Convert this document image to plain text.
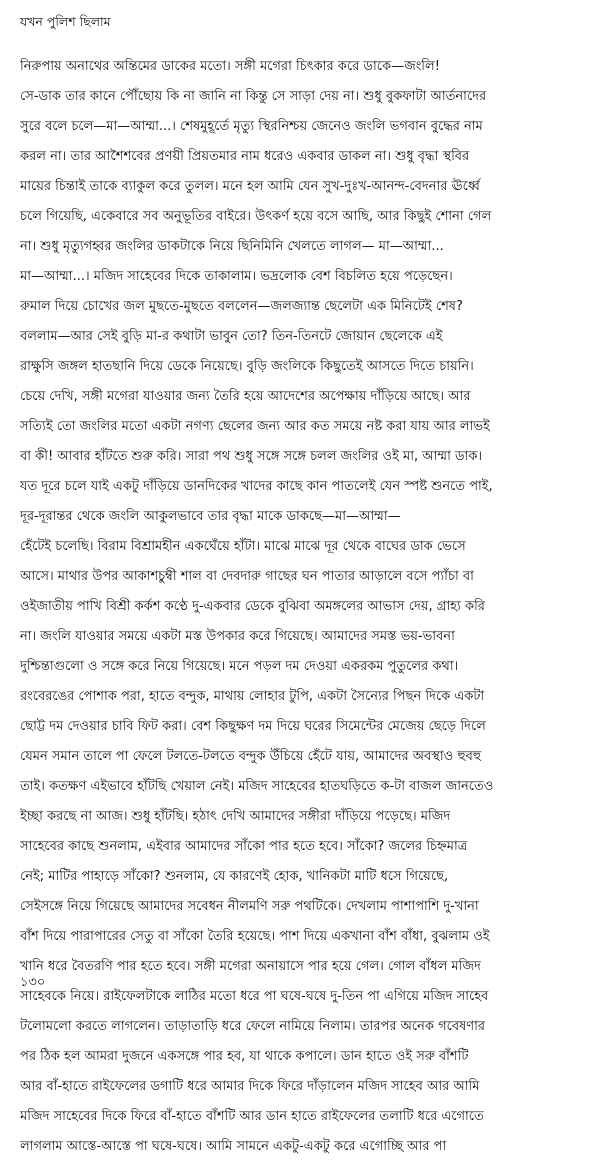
যখন পুলিশ ছিলাম
নিরুপায় অনাথের অন্তিমের ডাকের মতো। সঙ্গী মগেরা চিৎকার করে ডাকে—জংলি!
সে-ডাক তার কানে পৌঁছোয় কি না জানি না কিন্তু সে সাড়া দেয় না। শুধু বুকফাটা আর্তনাদের
সুরে বলে চলে—মা—আম্মা...। শেষমুহূর্তে মৃত্যু স্থিরনিশ্চয় জেনেও জংলি ভগবান বুদ্ধের নাম
করল না। তার আশৈশবের প্রণয়ী প্রিয়তমার নাম ধরেও একবার ডাকল না। শুধু বৃদ্ধা স্থবির
মায়ের চিন্তাই তাকে ব্যাকুল করে তুলল। মনে হল আমি যেন সুখ-দুঃখ-আনন্দ-বেদনার ঊর্ধ্বে
চলে গিয়েছি, একেবারে সব অনুভূতির বাইরে। উৎকর্ণ হয়ে বসে আছি, আর কিছুই শোনা গেল
না। শুধু মৃত্যুগহ্বর জংলির ডাকটাকে নিয়ে ছিনিমিনি খেলতে লাগল— মা—আম্মা...
মা—আম্মা...। মজিদ সাহেবের দিকে তাকালাম। ভদ্রলোক বেশ বিচলিত হয়ে পড়েছেন।
রুমাল দিয়ে চোখের জল মুছতে-মুছতে বললেন—জলজ্যান্ত ছেলেটা এক মিনিটেই শেষ?
বললাম—আর সেই বুড়ি মা-র কথাটা ভাবুন তো? তিন-তিনটে জোয়ান ছেলেকে এই
রাক্ষুসি জঙ্গল হাতছানি দিয়ে ডেকে নিয়েছে। বুড়ি জংলিকে কিছুতেই আসতে দিতে চায়নি।
চেয়ে দেখি, সঙ্গী মগেরা যাওয়ার জন্য তৈরি হয়ে আদেশের অপেক্ষায় দাঁড়িয়ে আছে। আর
সত্যিই তো জংলির মতো একটা নগণ্য ছেলের জন্য আর কত সময়ে নষ্ট করা যায় আর লাভই
বা কী! আবার হাঁটতে শুরু করি। সারা পথ শুধু সঙ্গে সঙ্গে চলল জংলির ওই মা, আম্মা ডাক।
যত দূরে চলে যাই একটু দাঁড়িয়ে ডানদিকের খাদের কাছে কান পাতলেই যেন স্পষ্ট শুনতে পাই,
দূর-দূরান্তর থেকে জংলি আকুলভাবে তার বৃদ্ধা মাকে ডাকছে—মা—আম্মা—
হেঁটেই চলেছি। বিরাম বিশ্রামহীন একঘেঁয়ে হাঁটা। মাঝে মাঝে দূর থেকে বাঘের ডাক ভেসে
আসে। মাথার উপর আকাশচুম্বী শাল বা দেবদারু গাছের ঘন পাতার আড়ালে বসে প্যাঁচা বা
ওইজাতীয় পাখি বিশ্রী কর্কশ কণ্ঠে দু-একবার ডেকে বুঝিবা অমঙ্গলের আভাস দেয়, গ্রাহ্য করি
না। জংলি যাওয়ার সময়ে একটা মস্ত উপকার করে গিয়েছে। আমাদের সমস্ত ভয়-ভাবনা
দুশ্চিন্তাগুলো ও সঙ্গে করে নিয়ে গিয়েছে। মনে পড়ল দম দেওয়া একরকম পুতুলের কথা।
রংবেরঙের পোশাক পরা, হাতে বন্দুক, মাথায় লোহার টুপি, একটা সৈন্যের পিছন দিকে একটা
ছোট্ট দম দেওয়ার চাবি ফিট করা। বেশ কিছুক্ষণ দম দিয়ে ঘরের সিমেন্টের মেজেয় ছেড়ে দিলে
যেমন সমান তালে পা ফেলে টলতে-টলতে বন্দুক উঁচিয়ে হেঁটে যায়, আমাদের অবস্থাও হুবহু
তাই। কতক্ষণ এইভাবে হাঁটছি খেয়াল নেই। মজিদ সাহেবের হাতঘড়িতে ক-টা বাজল জানতেও
ইচ্ছা করছে না আজ। শুধু হাঁটছি। হঠাৎ দেখি আমাদের সঙ্গীরা দাঁড়িয়ে পড়েছে। মজিদ
সাহেবের কাছে শুনলাম, এইবার আমাদের সাঁকো পার হতে হবে। সাঁকো? জলের চিহ্নমাত্র
নেই; মাটির পাহাড়ে সাঁকো? শুনলাম, যে কারণেই হোক, খানিকটা মাটি ধসে গিয়েছে,
সেইসঙ্গে নিয়ে গিয়েছে আমাদের সবেধন নীলমণি সরু পথটিকে। দেখলাম পাশাপাশি দু-খানা
বাঁশ দিয়ে পারাপারের সেতু বা সাঁকো তৈরি হয়েছে। পাশ দিয়ে একখানা বাঁশ বাঁধা, বুঝলাম ওই
খানি ধরে বৈতরণি পার হতে হবে। সঙ্গী মগেরা অনায়াসে পার হয়ে গেল। গোল বাঁধল মজিদ
সাহেবকে নিয়ে। রাইফেলটাকে লাঠির মতো ধরে পা ঘষে-ঘষে দু-তিন পা এগিয়ে মজিদ সাহেব
টলোমলো করতে লাগলেন। তাড়াতাড়ি ধরে ফেলে নামিয়ে নিলাম। তারপর অনেক গবেষণার
পর ঠিক হল আমরা দুজনে একসঙ্গে পার হব, যা থাকে কপালে। ডান হাতে ওই সরু বাঁশটি
আর বাঁ-হাতে রাইফেলের ডগাটি ধরে আমার দিকে ফিরে দাঁড়ালেন মজিদ সাহেব আর আমি
মজিদ সাহেবের দিকে ফিরে বাঁ-হাতে বাঁশটি আর ডান হাতে রাইফেলের তলাটি ধরে এগোতে
লাগলাম আস্তে-আস্তে পা ঘষে-ঘষে। আমি সামনে একটু-একটু করে এগোচ্ছি আর পা
১৩০
